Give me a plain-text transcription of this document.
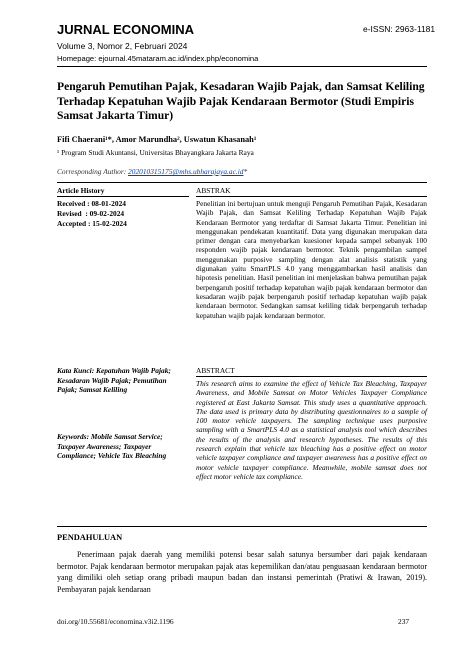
JURNAL ECONOMINA	e-ISSN: 2963-1181
Volume 3, Nomor 2, Februari 2024
Homepage: ejournal.45mataram.ac.id/index.php/economina
Pengaruh Pemutihan Pajak, Kesadaran Wajib Pajak, dan Samsat Keliling Terhadap Kepatuhan Wajib Pajak Kendaraan Bermotor (Studi Empiris Samsat Jakarta Timur)
Fifi Chaerani¹*, Amor Marundha², Uswatun Khasanah¹
¹ Program Studi Akuntansi, Universitas Bhayangkara Jakarta Raya
Corresponding Author: 202010315175@mhs.ubharajaya.ac.id*
Article History
Received : 08-01-2024
Revised  : 09-02-2024
Accepted : 15-02-2024
Kata Kunci: Kepatuhan Wajib Pajak; Kesadaran Wajib Pajak; Pemutihan Pajak; Samsat Keliling
Keywords: Mobile Samsat Service; Taxpayer Awareness; Taxpayer Compliance; Vehicle Tax Bleaching
ABSTRAK
Penelitian ini bertujuan untuk menguji Pengaruh Pemutihan Pajak, Kesadaran Wajib Pajak, dan Samsat Keliling Terhadap Kepatuhan Wajib Pajak Kendaraan Bermotor yang terdaftar di Samsat Jakarta Timur. Penelitian ini menggunakan pendekatan kuantitatif. Data yang digunakan merupakan data primer dengan cara menyebarkan kuesioner kepada sampel sebanyak 100 responden wajib pajak kendaraan bermotor. Teknik pengambilan sampel menggunakan purposive sampling dengan alat analisis statistik yang digunakan yaitu SmartPLS 4.0 yang menggambarkan hasil analisis dan hipotesis penelitian. Hasil penelitian ini menjelaskan bahwa pemutihan pajak berpengaruh positif terhadap kepatuhan wajib pajak kendaraan bermotor dan kesadaran wajib pajak berpengaruh positif terhadap kepatuhan wajib pajak kendaraan bermotor. Sedangkan samsat keliling tidak berpengaruh terhadap kepatuhan wajib pajak kendaraan bermotor.
ABSTRACT
This research aims to examine the effect of Vehicle Tax Bleaching, Taxpayer Awareness, and Mobile Samsat on Motor Vehicles Taxpayer Compliance registered at East Jakarta Samsat. This study uses a quantitative approach. The data used is primary data by distributing questionnaires to a sample of 100 motor vehicle taxpayers. The sampling technique uses purposive sampling with a SmartPLS 4.0 as a statistical analysis tool which describes the results of the analysis and research hypotheses. The results of this research explain that vehicle tax bleaching has a positive effect on motor vehicle taxpayer compliance and taxpayer awareness has a positive effect on motor vehicle taxpayer compliance. Meanwhile, mobile samsat does not effect motor vehicle tax compliance.
PENDAHULUAN
Penerimaan pajak daerah yang memiliki potensi besar salah satunya bersumber dari pajak kendaraan bermotor. Pajak kendaraan bermotor merupakan pajak atas kepemilikan dan/atau penguasaan kendaraan bermotor yang dimiliki oleh setiap orang pribadi maupun badan dan instansi pemerintah (Pratiwi & Irawan, 2019). Pembayaran pajak kendaraan
doi.org/10.55681/economina.v3i2.1196	237
